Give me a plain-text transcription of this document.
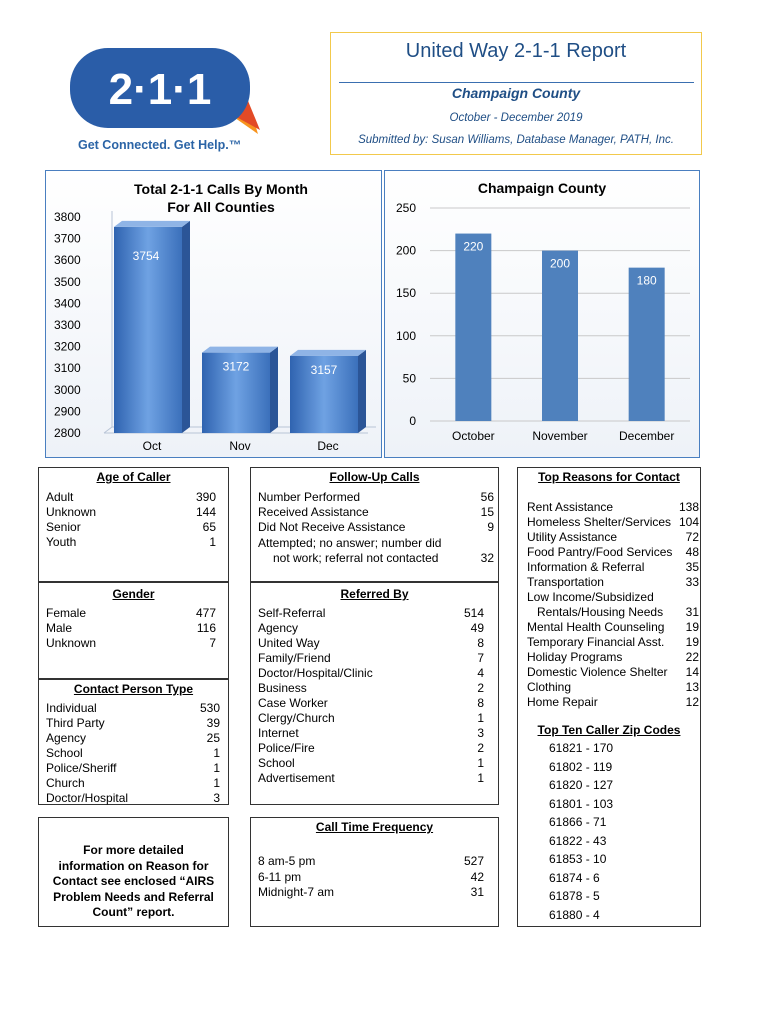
2·1·1
Get Connected. Get Help.™
United Way 2-1-1 Report
Champaign County
October - December 2019
Submitted by: Susan Williams, Database Manager, PATH, Inc.
Total 2-1-1 Calls By Month
For All Counties
3800
3700
3600
3500
3400
3300
3200
3100
3000
2900
2800
3754
Oct
3172
Nov
3157
Dec
Champaign County
250
200
150
100
50
0
220
October
200
November
180
December
Age of Caller
Adult	390
Unknown	144
Senior	65
Youth	1
Gender
Female	477
Male	116
Unknown	7
Contact Person Type
Individual	530
Third Party	39
Agency	25
School	1
Police/Sheriff	1
Church	1
Doctor/Hospital	3
For more detailed
information on Reason for
Contact see enclosed “AIRS
Problem Needs and Referral
Count” report.
Follow-Up Calls
Number Performed	56
Received Assistance	15
Did Not Receive Assistance	9
Attempted; no answer; number did
not work; referral not contacted	32
Referred By
Self-Referral	514
Agency	49
United Way	8
Family/Friend	7
Doctor/Hospital/Clinic	4
Business	2
Case Worker	8
Clergy/Church	1
Internet	3
Police/Fire	2
School	1
Advertisement	1
Call Time Frequency
8 am-5 pm	527
6-11 pm	42
Midnight-7 am	31
Top Reasons for Contact
Rent Assistance	138
Homeless Shelter/Services 104
Utility Assistance	72
Food Pantry/Food Services 48
Information & Referral	35
Transportation	33
Low Income/Subsidized
Rentals/Housing Needs 31
Mental Health Counseling 19
Temporary Financial Asst. 19
Holiday Programs	22
Domestic Violence Shelter 14
Clothing	13
Home Repair	12
Top Ten Caller Zip Codes
61821 - 170
61802 - 119
61820 - 127
61801 - 103
61866 - 71
61822 - 43
61853 - 10
61874 - 6
61878 - 5
61880 - 4
